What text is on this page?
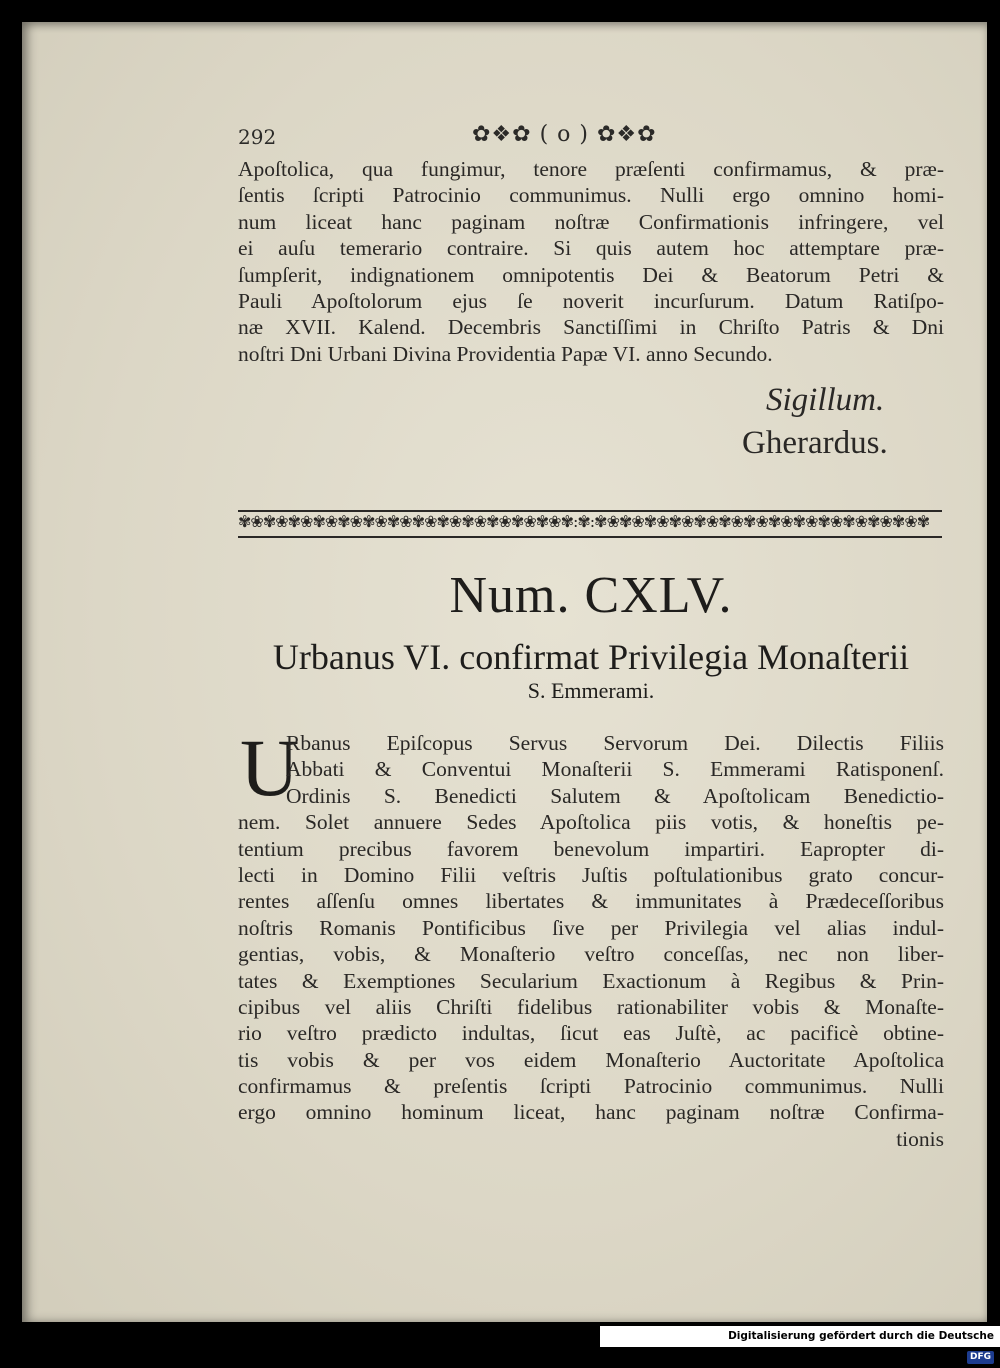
292	✿❖✿ ( o ) ✿❖✿
Apoſtolica, qua fungimur, tenore præſenti confirmamus, & præ-
ſentis ſcripti Patrocinio communimus. Nulli ergo omnino homi-
num liceat hanc paginam noſtræ Confirmationis infringere, vel
ei auſu temerario contraire. Si quis autem hoc attemptare præ-
ſumpſerit, indignationem omnipotentis Dei & Beatorum Petri &
Pauli Apoſtolorum ejus ſe noverit incurſurum. Datum Ratiſpo-
næ XVII. Kalend. Decembris Sanctiſſimi in Chriſto Patris & Dni
noſtri Dni Urbani Divina Providentia Papæ VI. anno Secundo.
Sigillum.
Gherardus.
✾❀✾❀✾❀✾❀✾❀✾❀✾❀✾❀✾❀✾❀✾❀✾❀✾❀✾:✾:✾❀✾❀✾❀✾❀✾❀✾❀✾❀✾❀✾❀✾❀✾❀✾❀✾❀✾
Num. CXLV.
Urbanus VI. confirmat Privilegia Monaſterii
S. Emmerami.
U
Rbanus Epiſcopus Servus Servorum Dei. Dilectis Filiis
Abbati & Conventui Monaſterii S. Emmerami Ratisponenſ.
Ordinis S. Benedicti Salutem & Apoſtolicam Benedictio-
nem. Solet annuere Sedes Apoſtolica piis votis, & honeſtis pe-
tentium precibus favorem benevolum impartiri. Eapropter di-
lecti in Domino Filii veſtris Juſtis poſtulationibus grato concur-
rentes aſſenſu omnes libertates & immunitates à Prædeceſſoribus
noſtris Romanis Pontificibus ſive per Privilegia vel alias indul-
gentias, vobis, & Monaſterio veſtro conceſſas, nec non liber-
tates & Exemptiones Secularium Exactionum à Regibus & Prin-
cipibus vel aliis Chriſti fidelibus rationabiliter vobis & Monaſte-
rio veſtro prædicto indultas, ſicut eas Juſtè, ac pacificè obtine-
tis vobis & per vos eidem Monaſterio Auctoritate Apoſtolica
confirmamus & preſentis ſcripti Patrocinio communimus. Nulli
ergo omnino hominum liceat, hanc paginam noſtræ Confirma-
tionis
Digitalisierung gefördert durch die Deutsche Forschungsgemeinschaft - DFG
